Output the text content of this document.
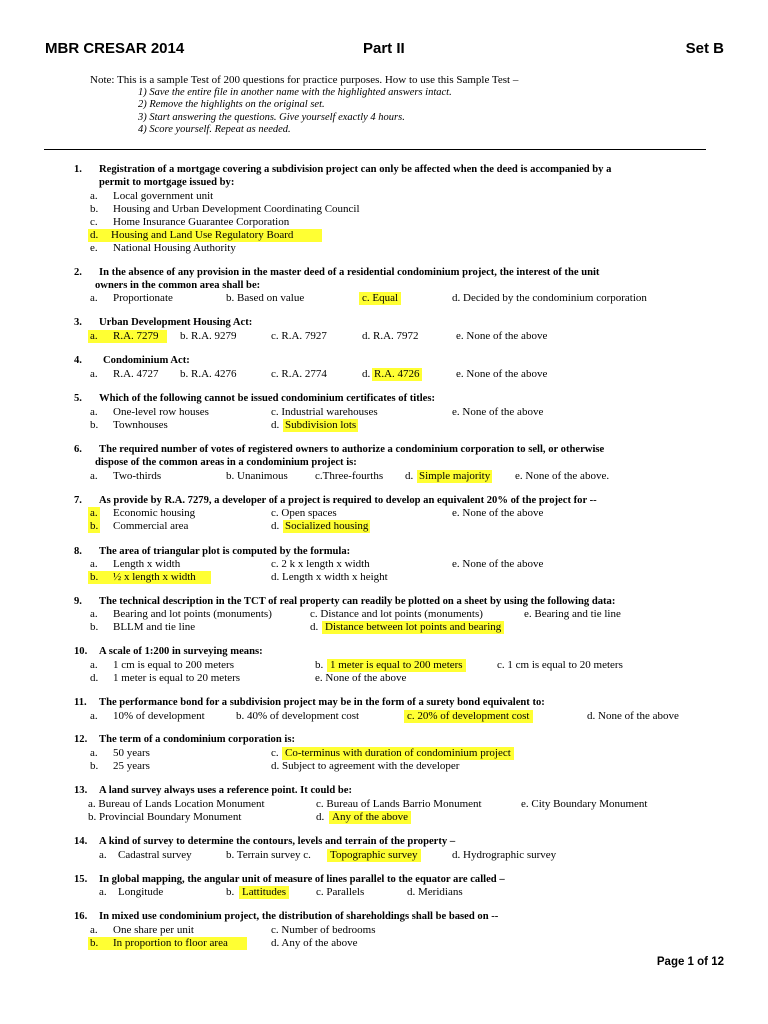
MBR CRESAR 2014	Part II	Set B
Note: This is a sample Test of 200 questions for practice purposes. How to use this Sample Test –
1) Save the entire file in another name with the highlighted answers intact.
2) Remove the highlights on the original set.
3) Start answering the questions. Give yourself exactly 4 hours.
4) Score yourself. Repeat as needed.
1. Registration of a mortgage covering a subdivision project can only be affected when the deed is accompanied by a
permit to mortgage issued by:
a. Local government unit
b. Housing and Urban Development Coordinating Council
c. Home Insurance Guarantee Corporation
d. Housing and Land Use Regulatory Board
e. National Housing Authority
2. In the absence of any provision in the master deed of a residential condominium project, the interest of the unit
owners in the common area shall be:
a. Proportionate	b. Based on value	c. Equal	d. Decided by the condominium corporation
3. Urban Development Housing Act:
a. R.A. 7279 b. R.A. 9279	c. R.A. 7927	d. R.A. 7972	e. None of the above
4. Condominium Act:
a. R.A. 4727 b. R.A. 4276	c. R.A. 2774	d. R.A. 4726	e. None of the above
5. Which of the following cannot be issued condominium certificates of titles:
a. One-level row houses	c. Industrial warehouses	e. None of the above
b. Townhouses	d. Subdivision lots
6. The required number of votes of registered owners to authorize a condominium corporation to sell, or otherwise
dispose of the common areas in a condominium project is:
a. Two-thirds	b. Unanimous c.Three-fourths d. Simple majority e. None of the above.
7. As provide by R.A. 7279, a developer of a project is required to develop an equivalent 20% of the project for --
a. Economic housing	c. Open spaces	e. None of the above
b. Commercial area	d. Socialized housing
8. The area of triangular plot is computed by the formula:
a. Length x width	c. 2 k x length x width	e. None of the above
b. ½ x length x width	d. Length x width x height
9. The technical description in the TCT of real property can readily be plotted on a sheet by using the following data:
a. Bearing and lot points (monuments)	c. Distance and lot points (monuments)	e. Bearing and tie line
b. BLLM and tie line	d. Distance between lot points and bearing
10. A scale of 1:200 in surveying means:
a. 1 cm is equal to 200 meters	b. 1 meter is equal to 200 meters	c. 1 cm is equal to 20 meters
d. 1 meter is equal to 20 meters	e. None of the above
11. The performance bond for a subdivision project may be in the form of a surety bond equivalent to:
a. 10% of development	b. 40% of development cost	c. 20% of development cost	d. None of the above
12. The term of a condominium corporation is:
a. 50 years	c. Co-terminus with duration of condominium project
b. 25 years	d. Subject to agreement with the developer
13. A land survey always uses a reference point. It could be:
a. Bureau of Lands Location Monument	c. Bureau of Lands Barrio Monument	e. City Boundary Monument
b. Provincial Boundary Monument	d. Any of the above
14. A kind of survey to determine the contours, levels and terrain of the property –
a. Cadastral survey	b. Terrain survey c. Topographic survey	d. Hydrographic survey
15. In global mapping, the angular unit of measure of lines parallel to the equator are called –
a. Longitude	b. Lattitudes	c. Parallels	d. Meridians
16. In mixed use condominium project, the distribution of shareholdings shall be based on --
a. One share per unit	c. Number of bedrooms
b. In proportion to floor area	d. Any of the above
Page 1 of 12
